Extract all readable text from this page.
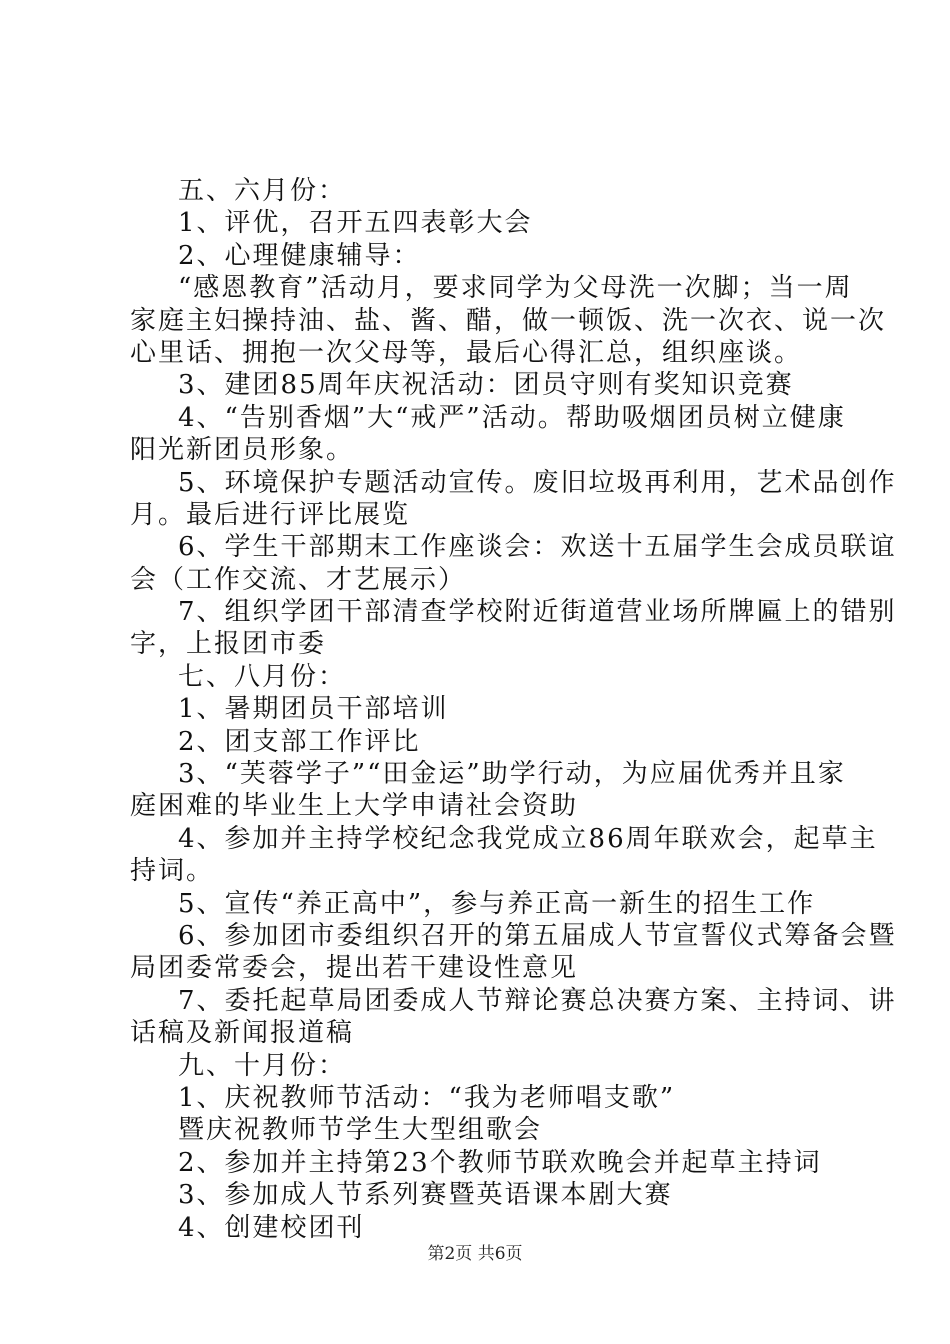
五、六月份：
1、评优，召开五四表彰大会
2、心理健康辅导：
“感恩教育”活动月，要求同学为父母洗一次脚；当一周
家庭主妇操持油、盐、酱、醋，做一顿饭、洗一次衣、说一次
心里话、拥抱一次父母等，最后心得汇总，组织座谈。
3、建团85周年庆祝活动：团员守则有奖知识竞赛
4、“告别香烟”大“戒严”活动。帮助吸烟团员树立健康
阳光新团员形象。
5、环境保护专题活动宣传。废旧垃圾再利用，艺术品创作
月。最后进行评比展览
6、学生干部期末工作座谈会：欢送十五届学生会成员联谊
会（工作交流、才艺展示）
7、组织学团干部清查学校附近街道营业场所牌匾上的错别
字，上报团市委
七、八月份：
1、暑期团员干部培训
2、团支部工作评比
3、“芙蓉学子”“田金运”助学行动，为应届优秀并且家
庭困难的毕业生上大学申请社会资助
4、参加并主持学校纪念我党成立86周年联欢会，起草主
持词。
5、宣传“养正高中”，参与养正高一新生的招生工作
6、参加团市委组织召开的第五届成人节宣誓仪式筹备会暨
局团委常委会，提出若干建设性意见
7、委托起草局团委成人节辩论赛总决赛方案、主持词、讲
话稿及新闻报道稿
九、十月份：
1、庆祝教师节活动：“我为老师唱支歌”
暨庆祝教师节学生大型组歌会
2、参加并主持第23个教师节联欢晚会并起草主持词
3、参加成人节系列赛暨英语课本剧大赛
4、创建校团刊
第2页 共6页
